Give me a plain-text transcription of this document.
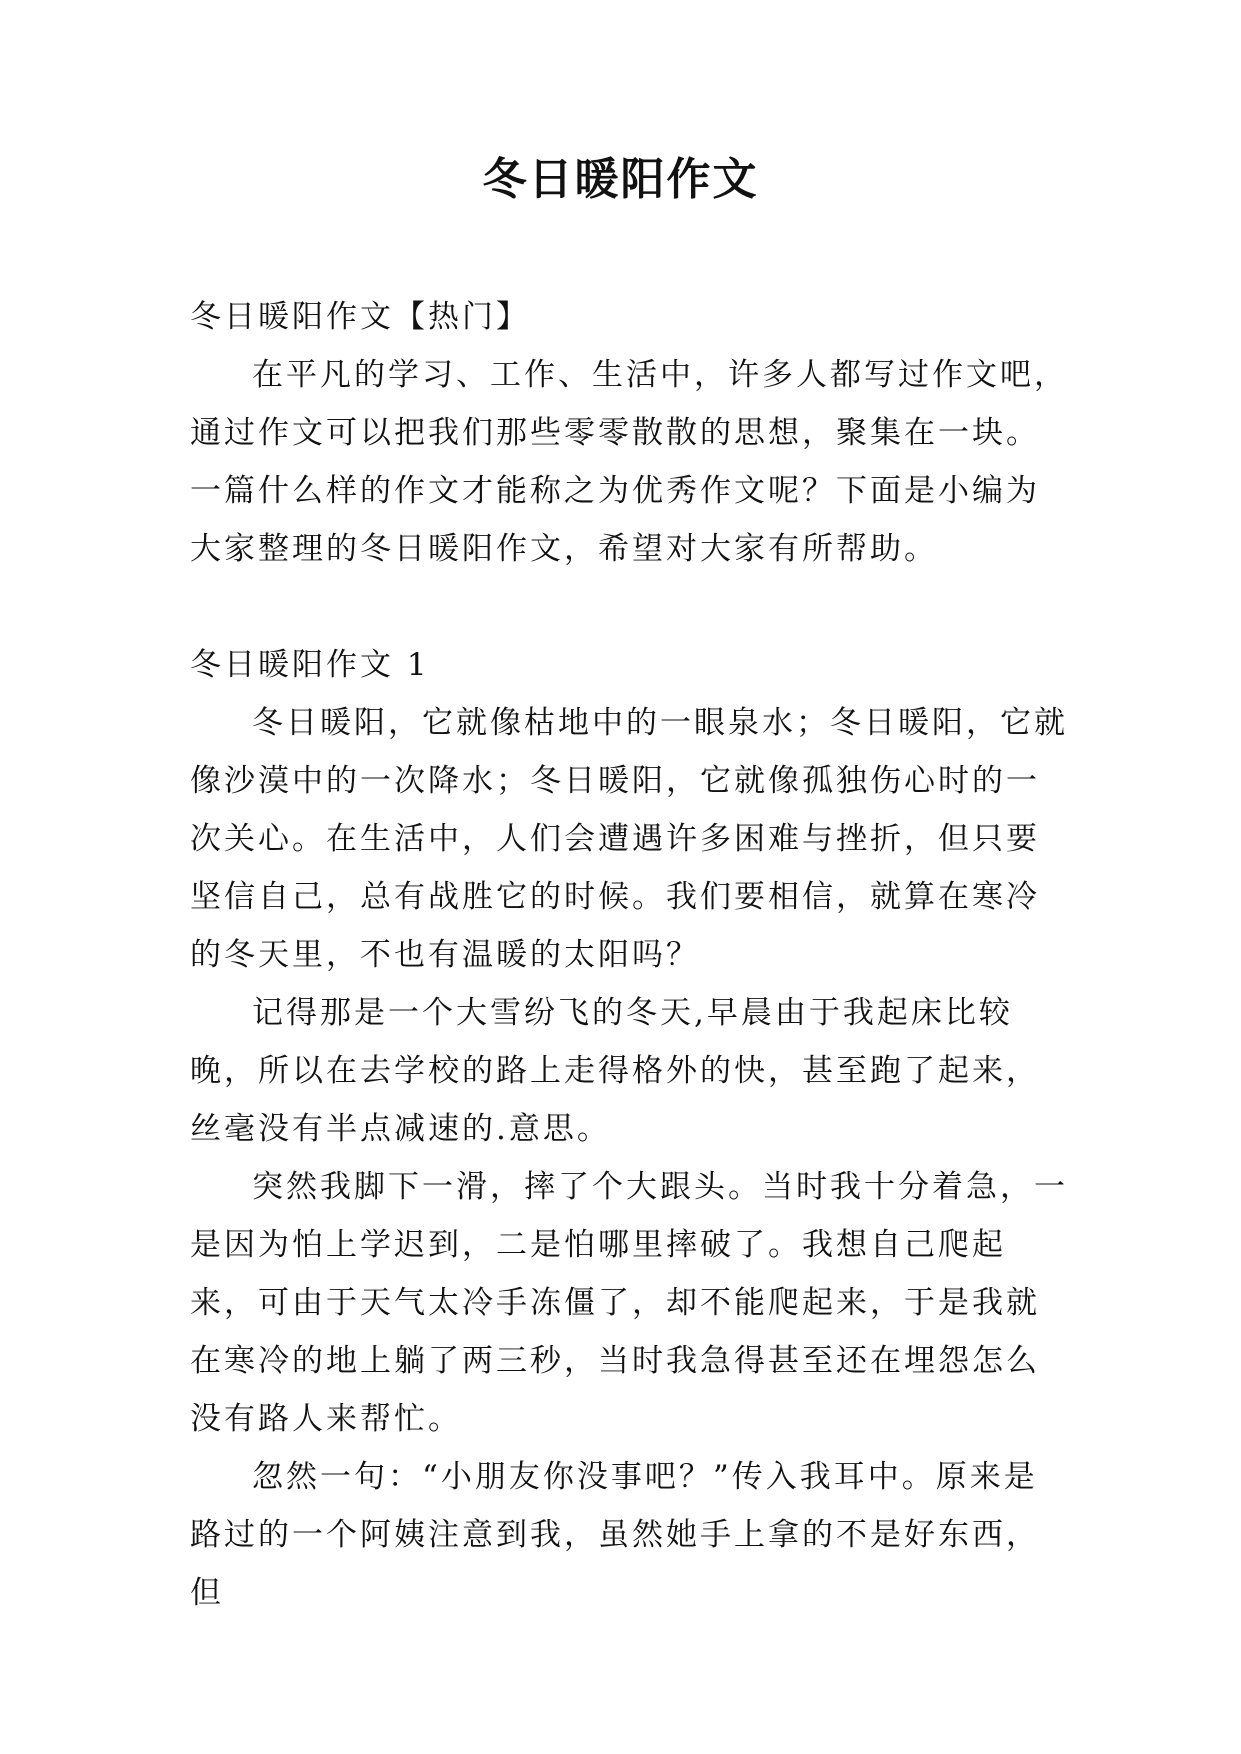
冬日暖阳作文

冬日暖阳作文【热门】

在平凡的学习、工作、生活中，许多人都写过作文吧，通过作文可以把我们那些零零散散的思想，聚集在一块。一篇什么样的作文才能称之为优秀作文呢？下面是小编为大家整理的冬日暖阳作文，希望对大家有所帮助。

冬日暖阳作文 1

冬日暖阳，它就像枯地中的一眼泉水；冬日暖阳，它就像沙漠中的一次降水；冬日暖阳，它就像孤独伤心时的一次关心。在生活中，人们会遭遇许多困难与挫折，但只要坚信自己，总有战胜它的时候。我们要相信，就算在寒冷的冬天里，不也有温暖的太阳吗？

记得那是一个大雪纷飞的冬天,早晨由于我起床比较晚，所以在去学校的路上走得格外的快，甚至跑了起来，丝毫没有半点减速的.意思。

突然我脚下一滑，摔了个大跟头。当时我十分着急，一是因为怕上学迟到，二是怕哪里摔破了。我想自己爬起来，可由于天气太冷手冻僵了，却不能爬起来，于是我就在寒冷的地上躺了两三秒，当时我急得甚至还在埋怨怎么没有路人来帮忙。

忽然一句：“小朋友你没事吧？”传入我耳中。原来是路过的一个阿姨注意到我，虽然她手上拿的不是好东西，但
